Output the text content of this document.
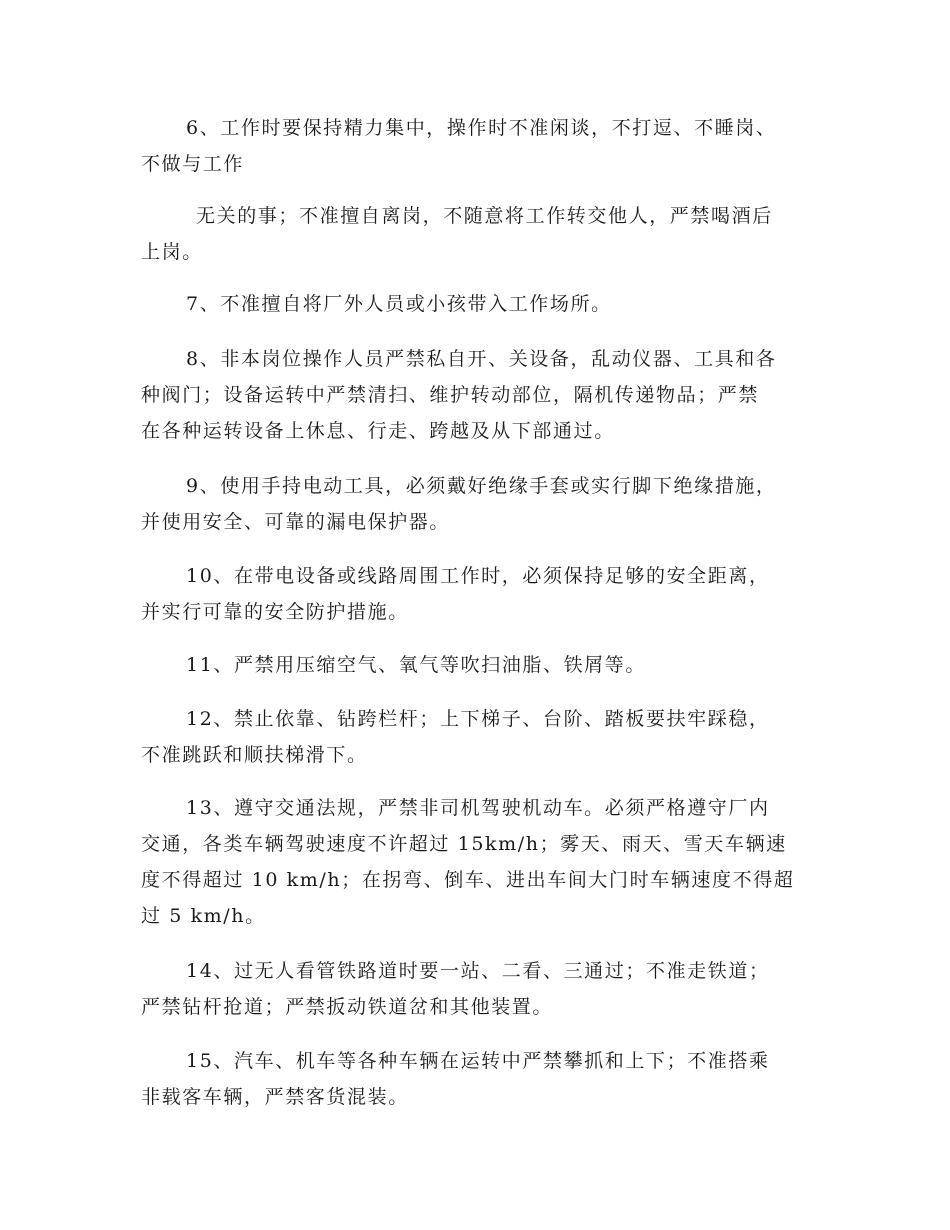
6、工作时要保持精力集中，操作时不准闲谈，不打逗、不睡岗、
不做与工作

无关的事；不准擅自离岗，不随意将工作转交他人，严禁喝酒后
上岗。

7、不准擅自将厂外人员或小孩带入工作场所。

8、非本岗位操作人员严禁私自开、关设备，乱动仪器、工具和各
种阀门；设备运转中严禁清扫、维护转动部位，隔机传递物品；严禁
在各种运转设备上休息、行走、跨越及从下部通过。

9、使用手持电动工具，必须戴好绝缘手套或实行脚下绝缘措施，
并使用安全、可靠的漏电保护器。

10、在带电设备或线路周围工作时，必须保持足够的安全距离，
并实行可靠的安全防护措施。

11、严禁用压缩空气、氧气等吹扫油脂、铁屑等。

12、禁止依靠、钻跨栏杆；上下梯子、台阶、踏板要扶牢踩稳，
不准跳跃和顺扶梯滑下。

13、遵守交通法规，严禁非司机驾驶机动车。必须严格遵守厂内
交通，各类车辆驾驶速度不许超过 15km/h；雾天、雨天、雪天车辆速
度不得超过 10 km/h；在拐弯、倒车、进出车间大门时车辆速度不得超
过 5 km/h。

14、过无人看管铁路道时要一站、二看、三通过；不准走铁道；
严禁钻杆抢道；严禁扳动铁道岔和其他装置。

15、汽车、机车等各种车辆在运转中严禁攀抓和上下；不准搭乘
非载客车辆，严禁客货混装。
